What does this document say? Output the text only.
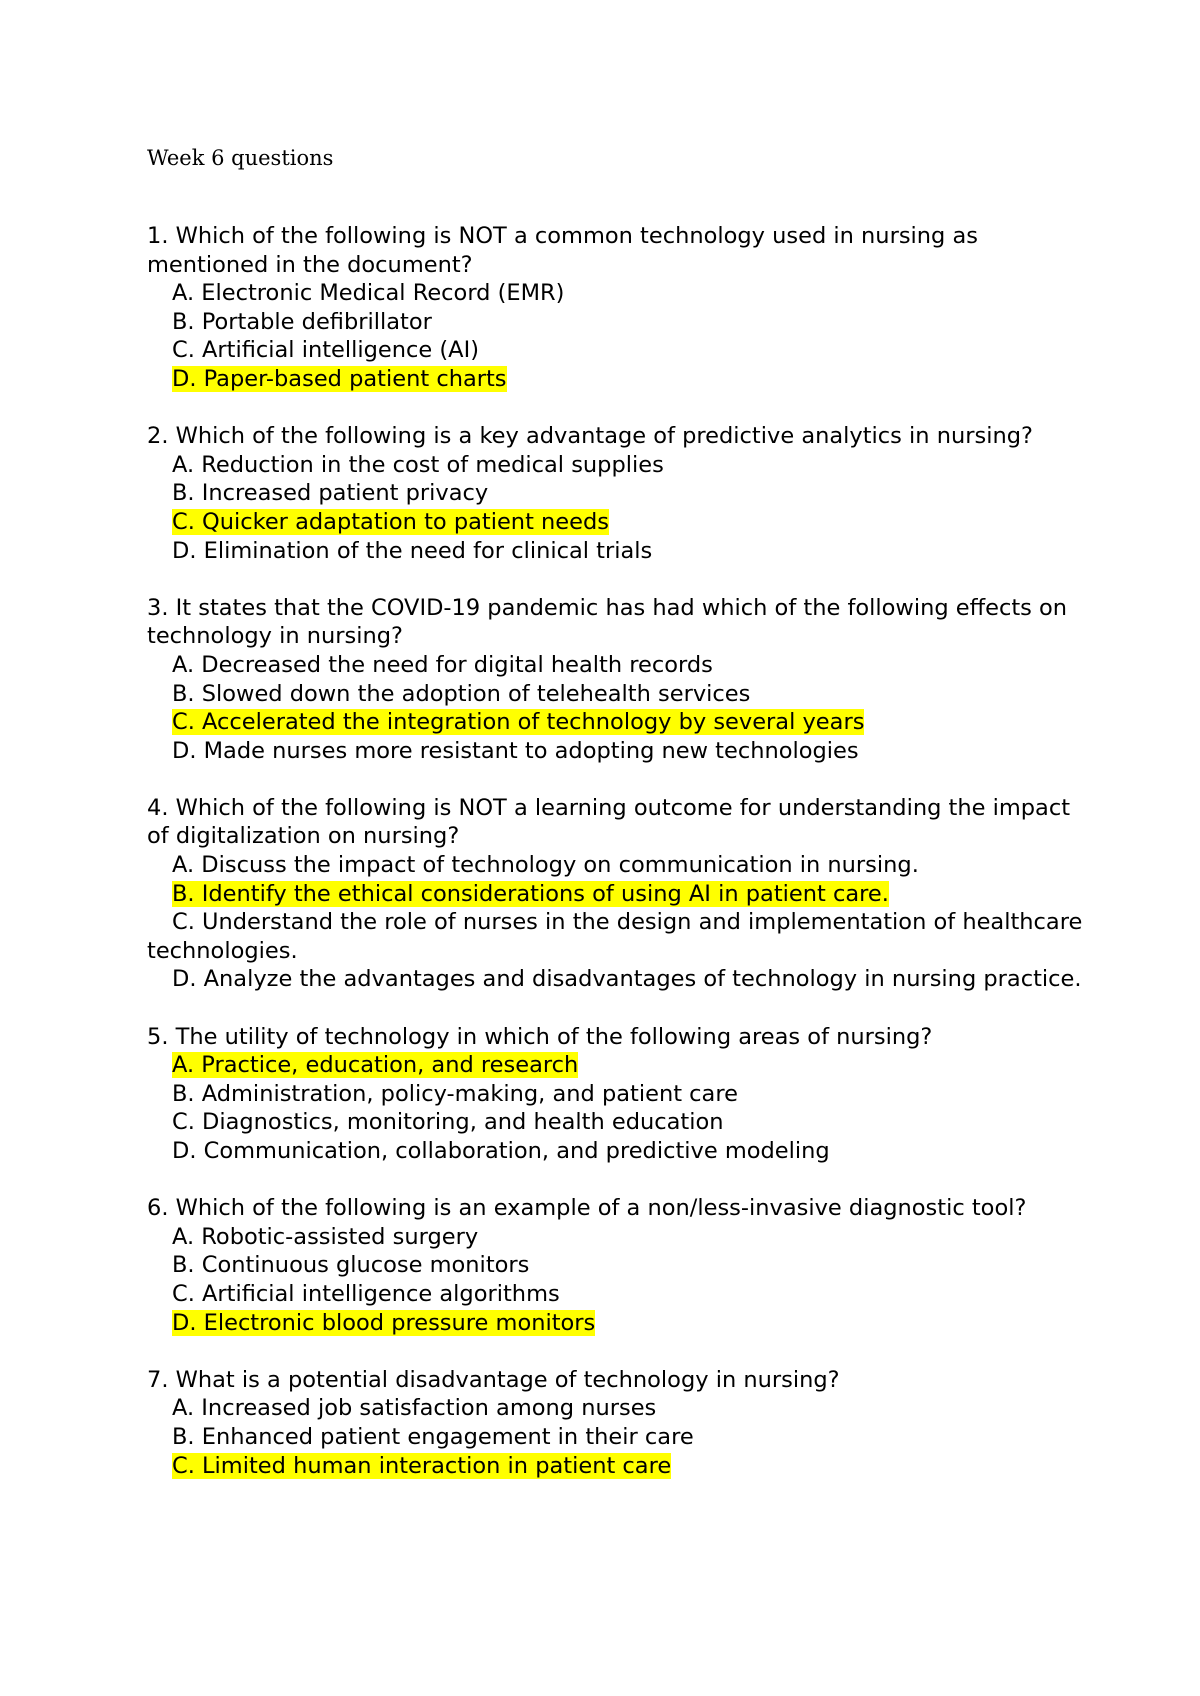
Week 6 questions

1. Which of the following is NOT a common technology used in nursing as mentioned in the document?

A. Electronic Medical Record (EMR)

B. Portable defibrillator

C. Artificial intelligence (AI)

D. Paper-based patient charts

2. Which of the following is a key advantage of predictive analytics in nursing?

A. Reduction in the cost of medical supplies

B. Increased patient privacy

C. Quicker adaptation to patient needs

D. Elimination of the need for clinical trials

3. It states that the COVID-19 pandemic has had which of the following effects on technology in nursing?

A. Decreased the need for digital health records

B. Slowed down the adoption of telehealth services

C. Accelerated the integration of technology by several years

D. Made nurses more resistant to adopting new technologies

4. Which of the following is NOT a learning outcome for understanding the impact of digitalization on nursing?

A. Discuss the impact of technology on communication in nursing.

B. Identify the ethical considerations of using AI in patient care.

C. Understand the role of nurses in the design and implementation of healthcare technologies.

D. Analyze the advantages and disadvantages of technology in nursing practice.

5. The utility of technology in which of the following areas of nursing?

A. Practice, education, and research

B. Administration, policy-making, and patient care

C. Diagnostics, monitoring, and health education

D. Communication, collaboration, and predictive modeling

6. Which of the following is an example of a non/less-invasive diagnostic tool?

A. Robotic-assisted surgery

B. Continuous glucose monitors

C. Artificial intelligence algorithms

D. Electronic blood pressure monitors

7. What is a potential disadvantage of technology in nursing?

A. Increased job satisfaction among nurses

B. Enhanced patient engagement in their care

C. Limited human interaction in patient care
